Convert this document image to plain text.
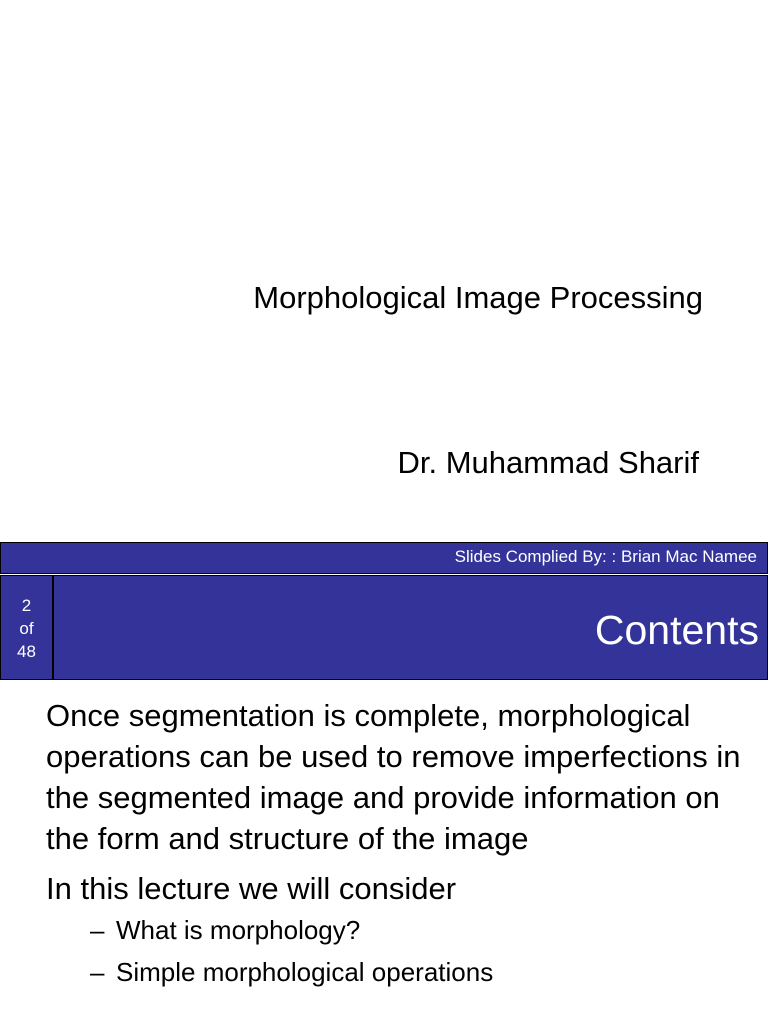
Morphological Image Processing
Dr. Muhammad Sharif
Slides Complied By: : Brian Mac Namee
2
of
48	Contents

Once segmentation is complete, morphological operations can be used to remove imperfections in the segmented image and provide information on the form and structure of the image

In this lecture we will consider

– What is morphology?
– Simple morphological operations
